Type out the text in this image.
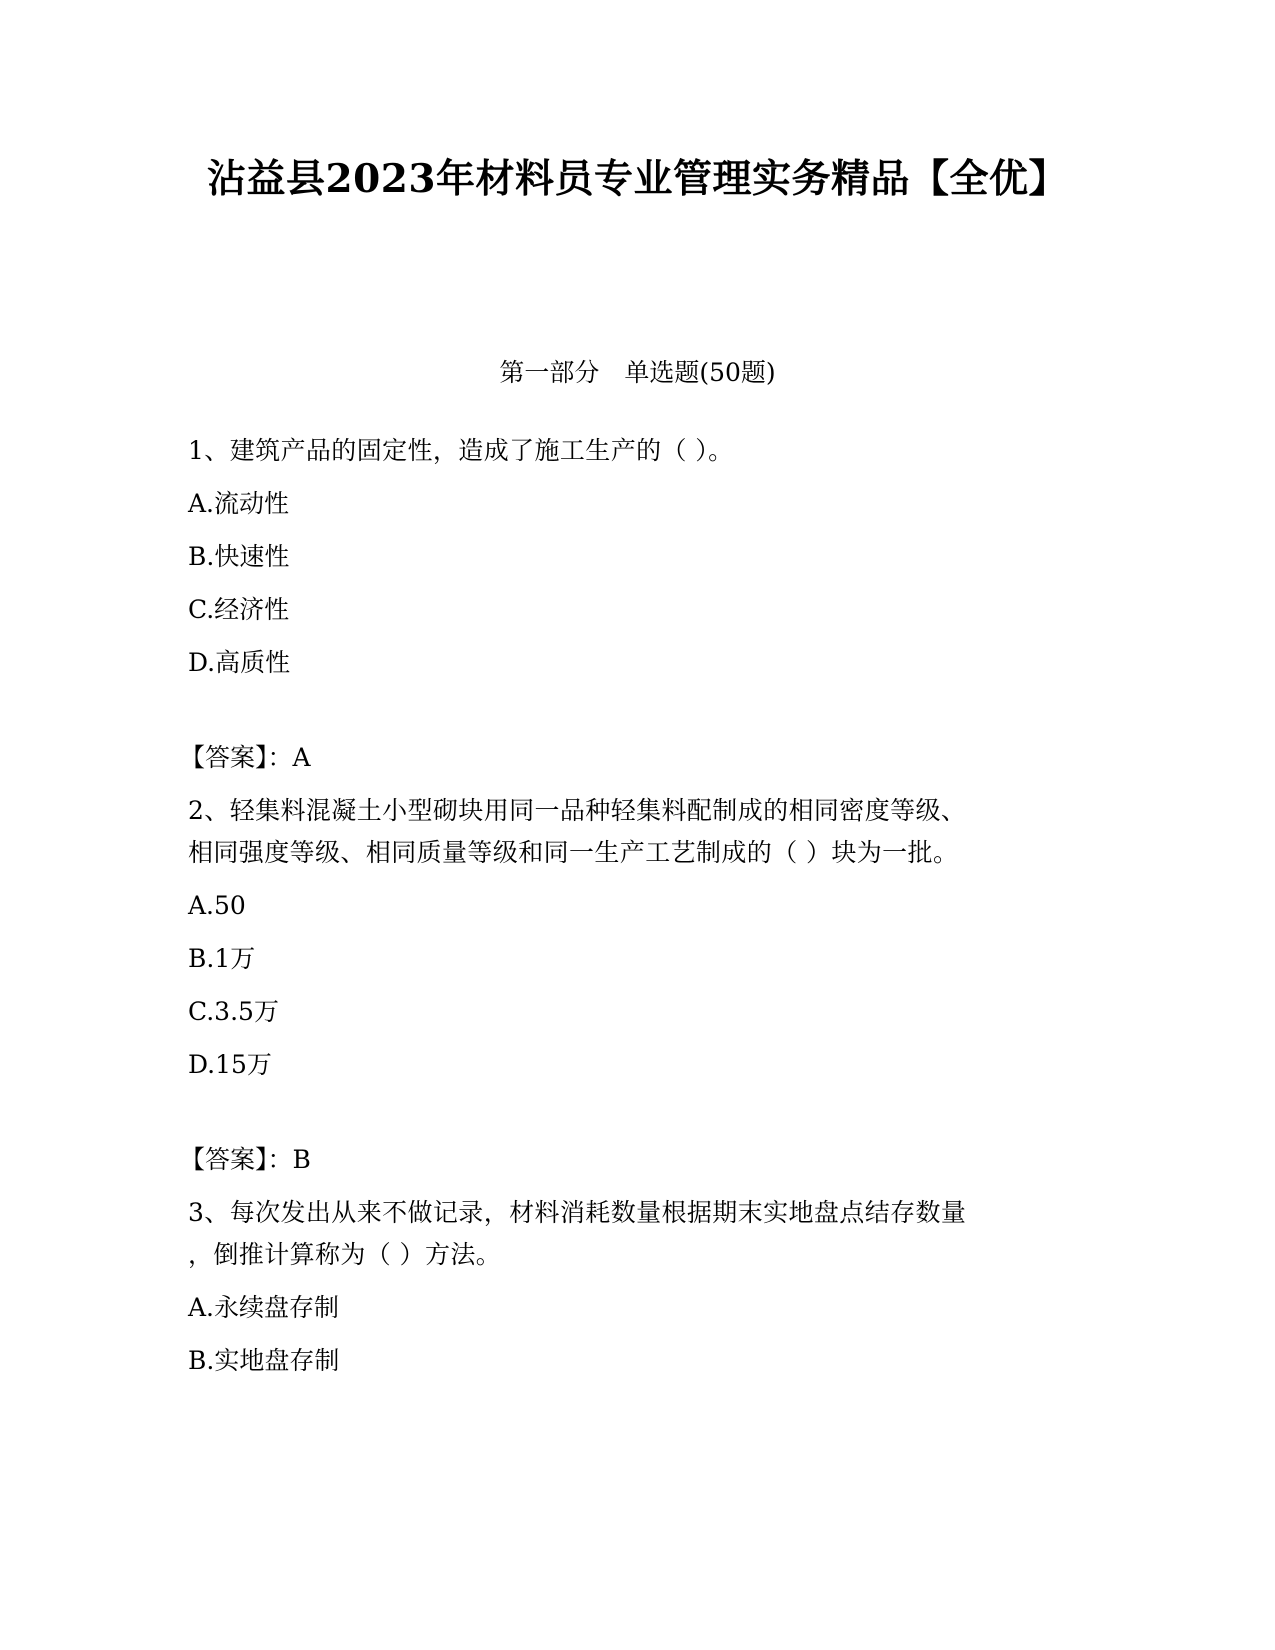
沾益县2023年材料员专业管理实务精品【全优】
第一部分　单选题(50题)
1、建筑产品的固定性，造成了施工生产的（ ）。
A.流动性
B.快速性
C.经济性
D.高质性
【答案】：A
2、轻集料混凝土小型砌块用同一品种轻集料配制成的相同密度等级、
相同强度等级、相同质量等级和同一生产工艺制成的（ ）块为一批。
A.50
B.1万
C.3.5万
D.15万
【答案】：B
3、每次发出从来不做记录，材料消耗数量根据期末实地盘点结存数量
，倒推计算称为（ ）方法。
A.永续盘存制
B.实地盘存制
